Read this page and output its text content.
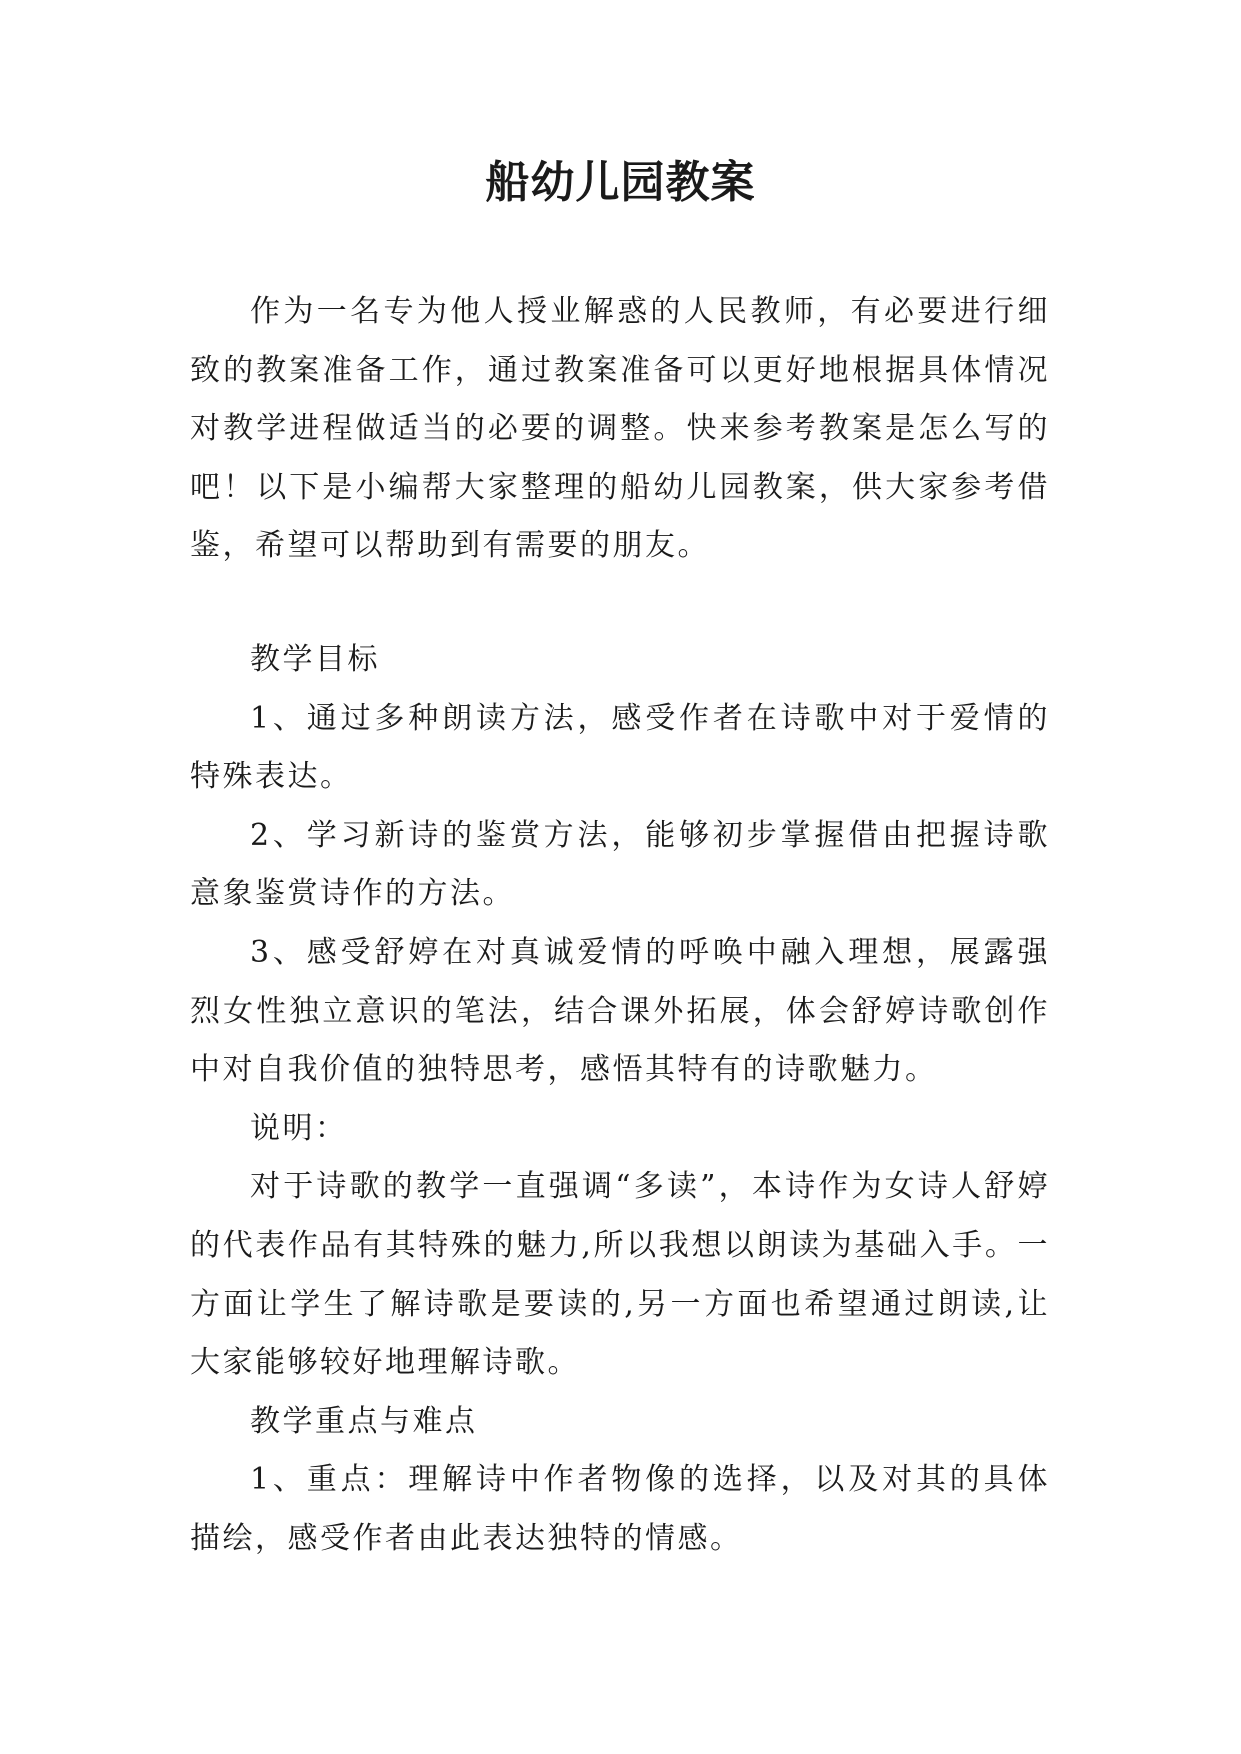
船幼儿园教案

作为一名专为他人授业解惑的人民教师，有必要进行细致的教案准备工作，通过教案准备可以更好地根据具体情况对教学进程做适当的必要的调整。快来参考教案是怎么写的吧！以下是小编帮大家整理的船幼儿园教案，供大家参考借鉴，希望可以帮助到有需要的朋友。

教学目标

1、通过多种朗读方法，感受作者在诗歌中对于爱情的特殊表达。

2、学习新诗的鉴赏方法，能够初步掌握借由把握诗歌意象鉴赏诗作的方法。

3、感受舒婷在对真诚爱情的呼唤中融入理想，展露强烈女性独立意识的笔法，结合课外拓展，体会舒婷诗歌创作中对自我价值的独特思考，感悟其特有的诗歌魅力。

说明：

对于诗歌的教学一直强调“多读”，本诗作为女诗人舒婷的代表作品有其特殊的魅力,所以我想以朗读为基础入手。一方面让学生了解诗歌是要读的,另一方面也希望通过朗读,让大家能够较好地理解诗歌。

教学重点与难点

1、重点：理解诗中作者物像的选择，以及对其的具体描绘，感受作者由此表达独特的情感。
